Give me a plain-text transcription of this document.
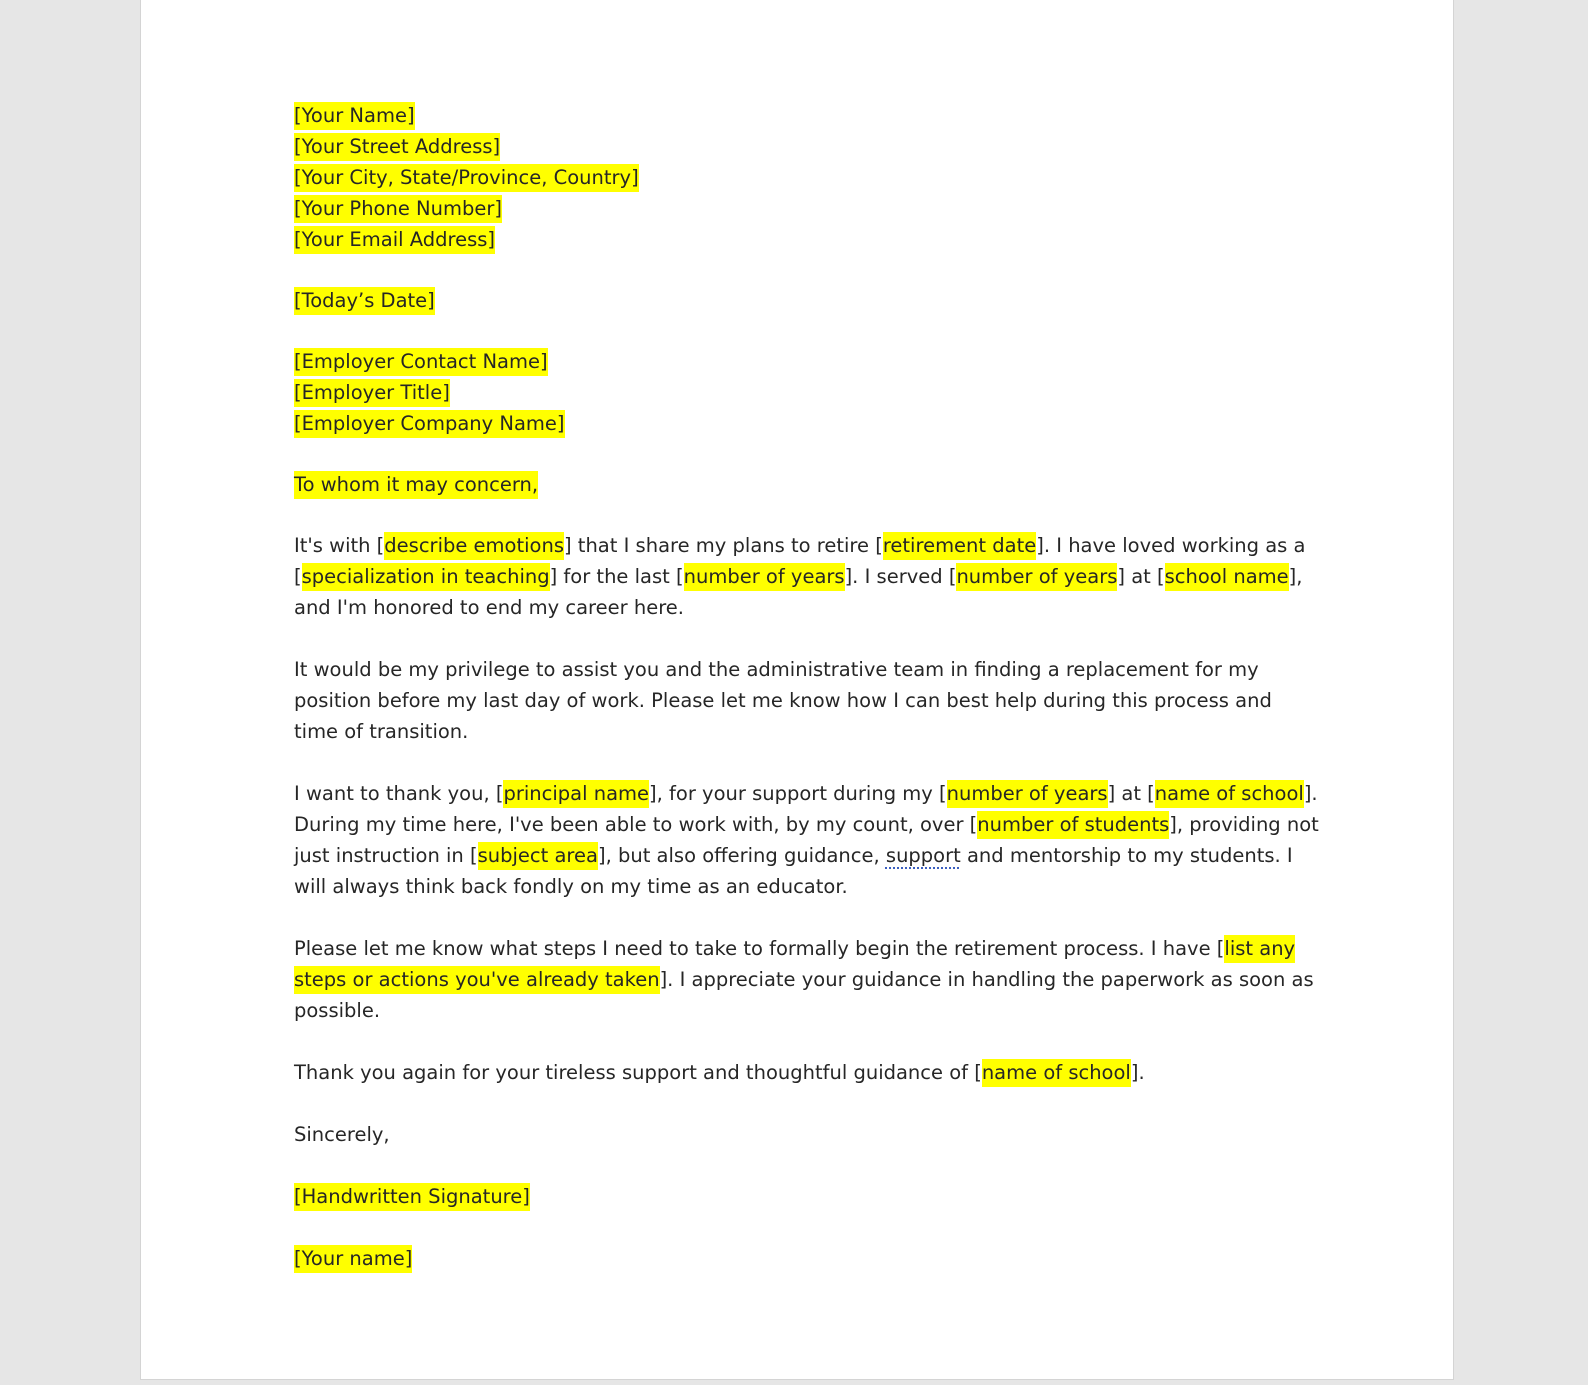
[Your Name]
[Your Street Address]
[Your City, State/Province, Country]
[Your Phone Number]
[Your Email Address]
[Today’s Date]
[Employer Contact Name]
[Employer Title]
[Employer Company Name]
To whom it may concern,

It's with [describe emotions] that I share my plans to retire [retirement date]. I have loved working as a
[specialization in teaching] for the last [number of years]. I served [number of years] at [school name],
and I'm honored to end my career here.

It would be my privilege to assist you and the administrative team in finding a replacement for my
position before my last day of work. Please let me know how I can best help during this process and
time of transition.

I want to thank you, [principal name], for your support during my [number of years] at [name of school].
During my time here, I've been able to work with, by my count, over [number of students], providing not
just instruction in [subject area], but also offering guidance, support and mentorship to my students. I
will always think back fondly on my time as an educator.

Please let me know what steps I need to take to formally begin the retirement process. I have [list any
steps or actions you've already taken]. I appreciate your guidance in handling the paperwork as soon as
possible.

Thank you again for your tireless support and thoughtful guidance of [name of school].

Sincerely,

[Handwritten Signature]

[Your name]
